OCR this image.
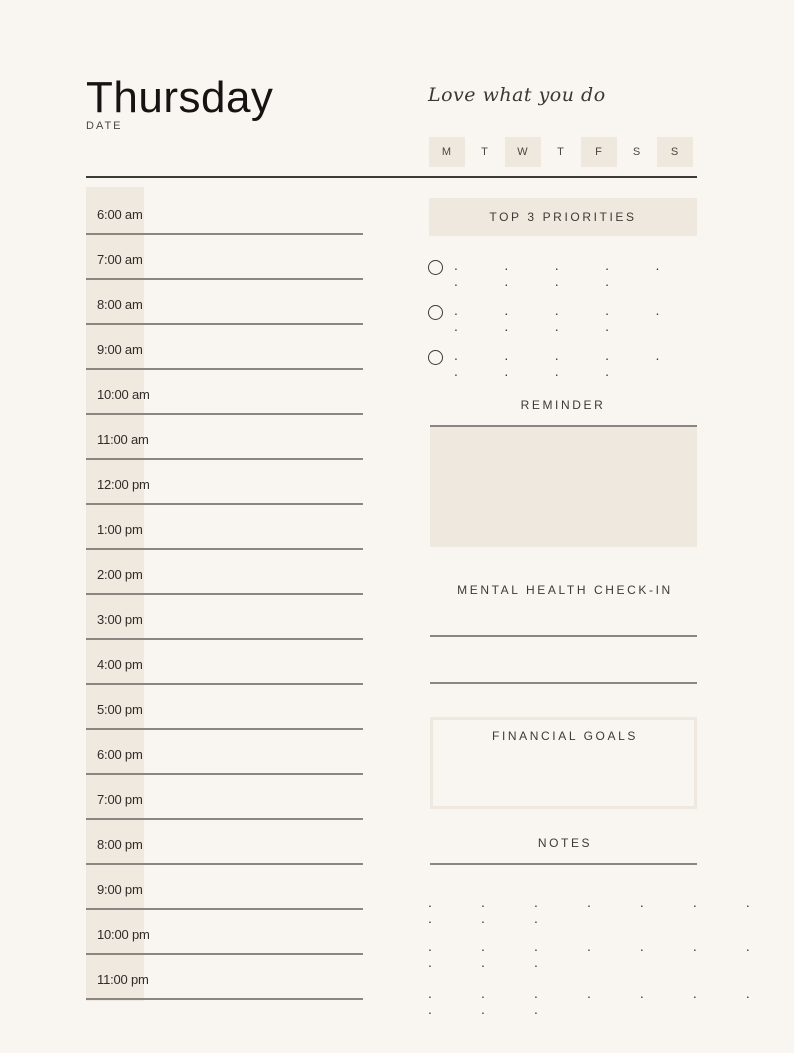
Thursday
DATE
Love what you do
M	T	W	T	F	S	S
6:00 am
7:00 am
8:00 am
9:00 am
10:00 am
11:00 am
12:00 pm
1:00 pm
2:00 pm
3:00 pm
4:00 pm
5:00 pm
6:00 pm
7:00 pm
8:00 pm
9:00 pm
10:00 pm
11:00 pm
TOP 3 PRIORITIES
. . . . . . . . .
. . . . . . . . .
. . . . . . . . .
REMINDER
MENTAL HEALTH CHECK-IN
FINANCIAL GOALS
NOTES
. . . . . . . . . .
. . . . . . . . . .
. . . . . . . . . .
